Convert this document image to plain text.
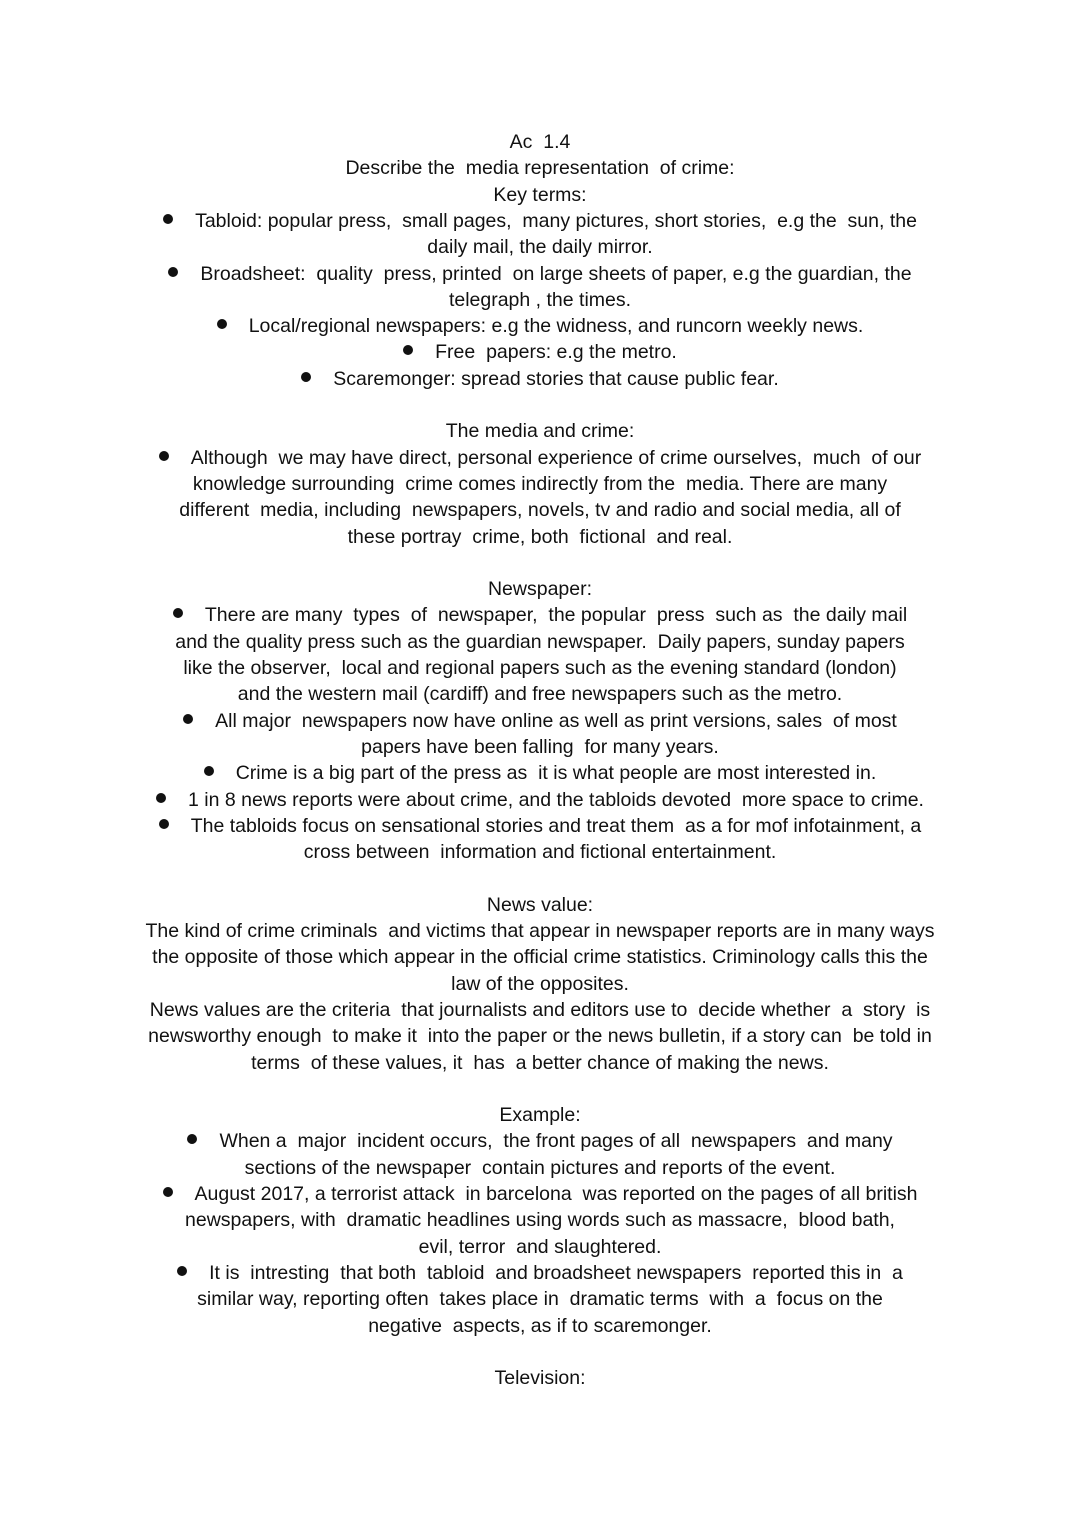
Ac  1.4
Describe the  media representation  of crime:
Key terms:
Tabloid: popular press,  small pages,  many pictures, short stories,  e.g the  sun, the
daily mail, the daily mirror.
Broadsheet:  quality  press, printed  on large sheets of paper, e.g the guardian, the
telegraph , the times.
Local/regional newspapers: e.g the widness, and runcorn weekly news.
Free  papers: e.g the metro.
Scaremonger: spread stories that cause public fear.
The media and crime:
Although  we may have direct, personal experience of crime ourselves,  much  of our
knowledge surrounding  crime comes indirectly from the  media. There are many
different  media, including  newspapers, novels, tv and radio and social media, all of
these portray  crime, both  fictional  and real.
Newspaper:
There are many  types  of  newspaper,  the popular  press  such as  the daily mail
and the quality press such as the guardian newspaper.  Daily papers, sunday papers
like the observer,  local and regional papers such as the evening standard (london)
and the western mail (cardiff) and free newspapers such as the metro.
All major  newspapers now have online as well as print versions, sales  of most
papers have been falling  for many years.
Crime is a big part of the press as  it is what people are most interested in.
1 in 8 news reports were about crime, and the tabloids devoted  more space to crime.
The tabloids focus on sensational stories and treat them  as a for mof infotainment, a
cross between  information and fictional entertainment.
News value:
The kind of crime criminals  and victims that appear in newspaper reports are in many ways
the opposite of those which appear in the official crime statistics. Criminology calls this the
law of the opposites.
News values are the criteria  that journalists and editors use to  decide whether  a  story  is
newsworthy enough  to make it  into the paper or the news bulletin, if a story can  be told in
terms  of these values, it  has  a better chance of making the news.
Example:
When a  major  incident occurs,  the front pages of all  newspapers  and many
sections of the newspaper  contain pictures and reports of the event.
August 2017, a terrorist attack  in barcelona  was reported on the pages of all british
newspapers, with  dramatic headlines using words such as massacre,  blood bath,
evil, terror  and slaughtered.
It is  intresting  that both  tabloid  and broadsheet newspapers  reported this in  a
similar way, reporting often  takes place in  dramatic terms  with  a  focus on the
negative  aspects, as if to scaremonger.
Television:
